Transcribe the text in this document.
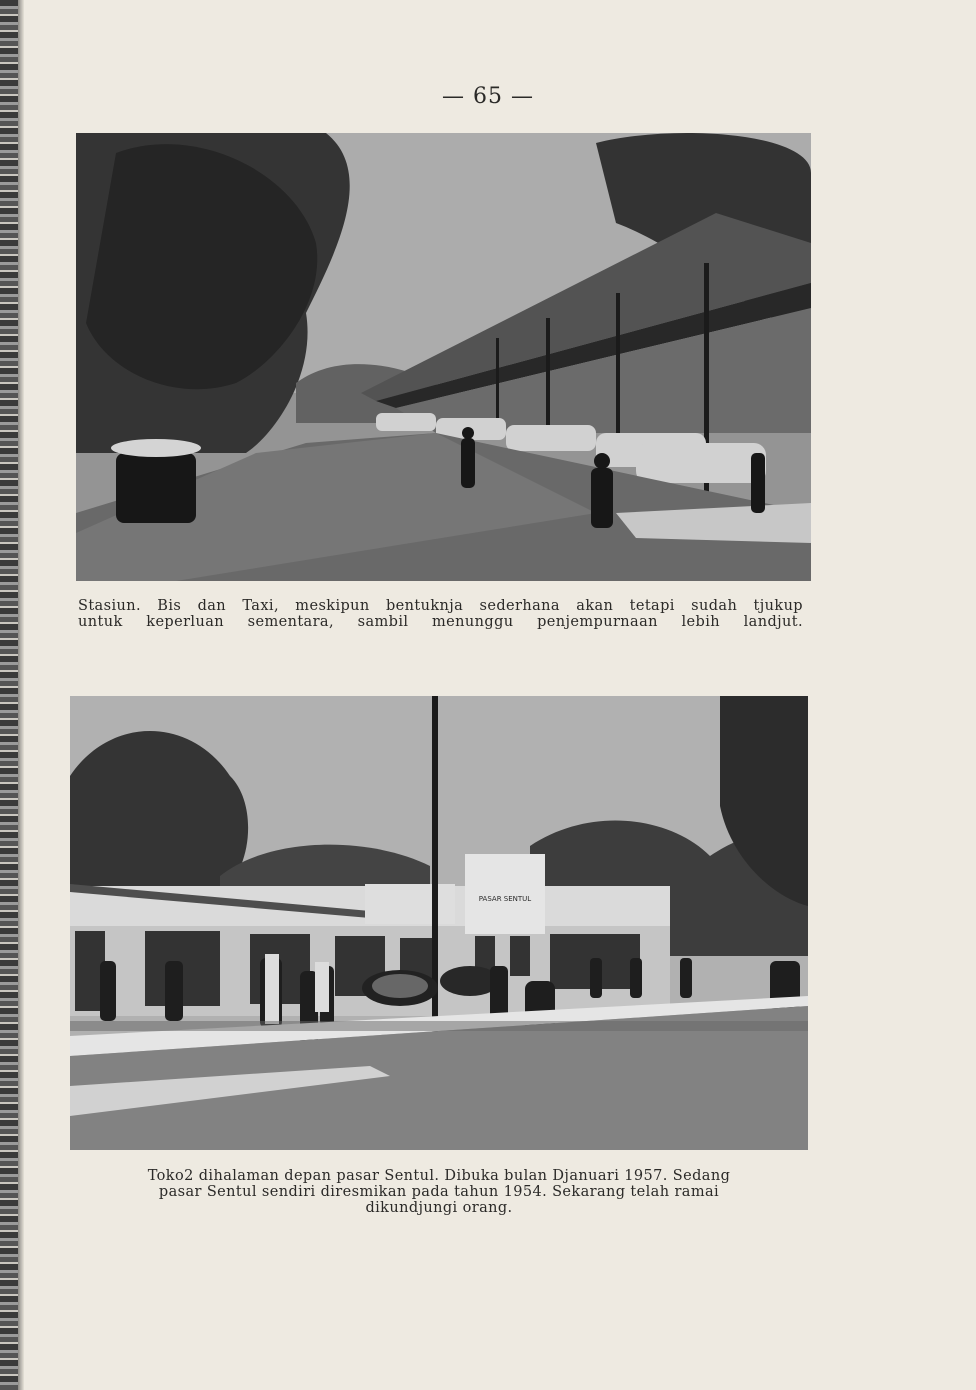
— 65 —
Stasiun. Bis dan Taxi, meskipun bentuknja sederhana akan tetapi sudah tjukup
untuk keperluan sementara, sambil menunggu penjempurnaan lebih landjut.
PASAR SENTUL
Toko2 dihalaman depan pasar Sentul. Dibuka bulan Djanuari 1957. Sedang
pasar Sentul sendiri diresmikan pada tahun 1954. Sekarang telah ramai
dikundjungi orang.
